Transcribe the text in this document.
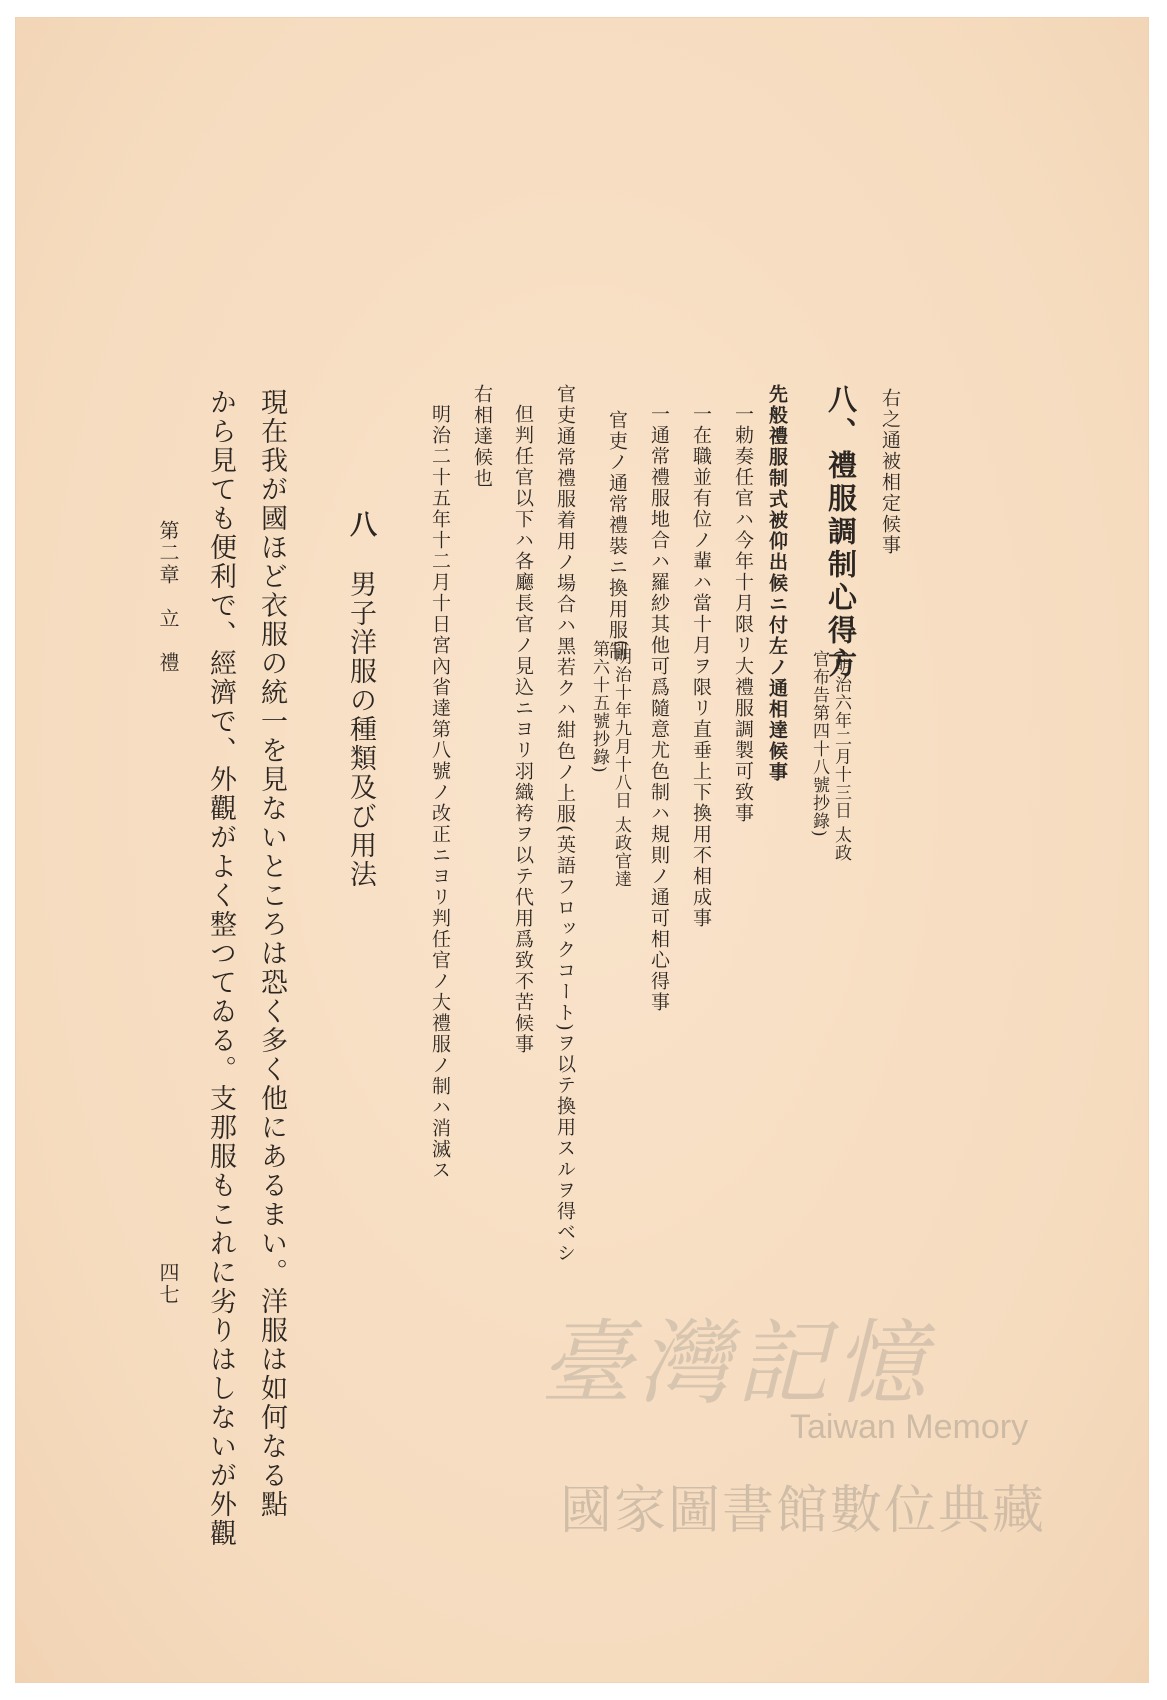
右之通被相定候事
八、禮服調制心得方
(明治六年二月十三日 太政官布告第四十八號抄錄)
先般禮服制式被仰出候ニ付左ノ通相達候事
一勅奏任官ハ今年十月限リ大禮服調製可致事
一在職並有位ノ輩ハ當十月ヲ限リ直垂上下換用不相成事
一通常禮服地合ハ羅紗其他可爲隨意尤色制ハ規則ノ通可相心得事
官吏ノ通常禮裝ニ換用服制
(明治十年九月十八日 太政官達第六十五號抄錄)
官吏通常禮服着用ノ場合ハ黑若クハ紺色ノ上服(英語フロックコート)ヲ以テ換用スルヲ得ベシ
但判任官以下ハ各廳長官ノ見込ニヨリ羽織袴ヲ以テ代用爲致不苦候事
右相達候也
明治二十五年十二月十日宮內省達第八號ノ改正ニヨリ判任官ノ大禮服ノ制ハ消滅ス
八
男子洋服の種類及び用法
現在我が國ほど衣服の統一を見ないところは恐く多く他にあるまい。洋服は如何なる點
から見ても便利で、經濟で、外觀がよく整つてゐる。支那服もこれに劣りはしないが外觀
第二章　立　禮
四七
臺灣記憶
Taiwan Memory
國家圖書館數位典藏
